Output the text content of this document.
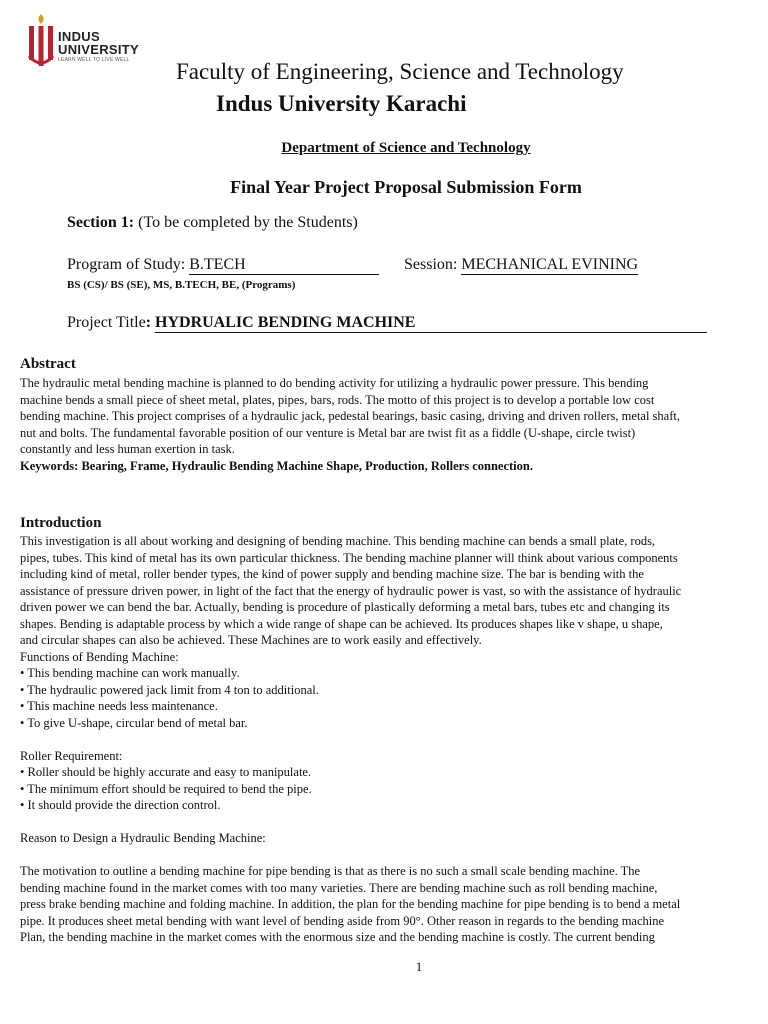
INDUS
UNIVERSITY
LEARN WELL TO LIVE WELL Faculty of Engineering, Science and Technology
Indus University Karachi
Department of Science and Technology
Final Year Project Proposal Submission Form
Section 1: (To be completed by the Students)
Program of Study: B.TECH	Session: MECHANICAL EVINING
BS (CS)/ BS (SE), MS, B.TECH, BE, (Programs)
Project Title: HYDRUALIC BENDING MACHINE
Abstract
The hydraulic metal bending machine is planned to do bending activity for utilizing a hydraulic power pressure. This bending
machine bends a small piece of sheet metal, plates, pipes, bars, rods. The motto of this project is to develop a portable low cost
bending machine. This project comprises of a hydraulic jack, pedestal bearings, basic casing, driving and driven rollers, metal shaft,
nut and bolts. The fundamental favorable position of our venture is Metal bar are twist fit as a fiddle (U-shape, circle twist)
constantly and less human exertion in task.
Keywords: Bearing, Frame, Hydraulic Bending Machine Shape, Production, Rollers connection.
Introduction
This investigation is all about working and designing of bending machine. This bending machine can bends a small plate, rods,
pipes, tubes. This kind of metal has its own particular thickness. The bending machine planner will think about various components
including kind of metal, roller bender types, the kind of power supply and bending machine size. The bar is bending with the
assistance of pressure driven power, in light of the fact that the energy of hydraulic power is vast, so with the assistance of hydraulic
driven power we can bend the bar. Actually, bending is procedure of plastically deforming a metal bars, tubes etc and changing its
shapes. Bending is adaptable process by which a wide range of shape can be achieved. Its produces shapes like v shape, u shape,
and circular shapes can also be achieved. These Machines are to work easily and effectively.
Functions of Bending Machine:
• This bending machine can work manually.
• The hydraulic powered jack limit from 4 ton to additional.
• This machine needs less maintenance.
• To give U-shape, circular bend of metal bar.
Roller Requirement:
• Roller should be highly accurate and easy to manipulate.
• The minimum effort should be required to bend the pipe.
• It should provide the direction control.
Reason to Design a Hydraulic Bending Machine:
The motivation to outline a bending machine for pipe bending is that as there is no such a small scale bending machine. The
bending machine found in the market comes with too many varieties. There are bending machine such as roll bending machine,
press brake bending machine and folding machine. In addition, the plan for the bending machine for pipe bending is to bend a metal
pipe. It produces sheet metal bending with want level of bending aside from 90°. Other reason in regards to the bending machine
Plan, the bending machine in the market comes with the enormous size and the bending machine is costly. The current bending
1
